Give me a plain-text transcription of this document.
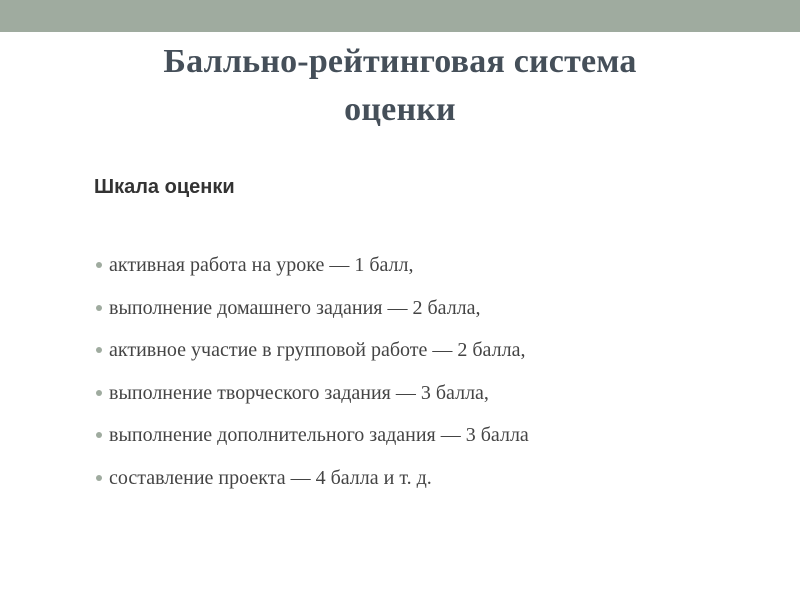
Балльно-рейтинговая система
оценки
Шкала оценки
активная работа на уроке — 1 балл,
выполнение домашнего задания — 2 балла,
активное участие в групповой работе — 2 балла,
выполнение творческого задания — 3 балла,
выполнение дополнительного задания — 3 балла
составление проекта — 4 балла и т. д.
